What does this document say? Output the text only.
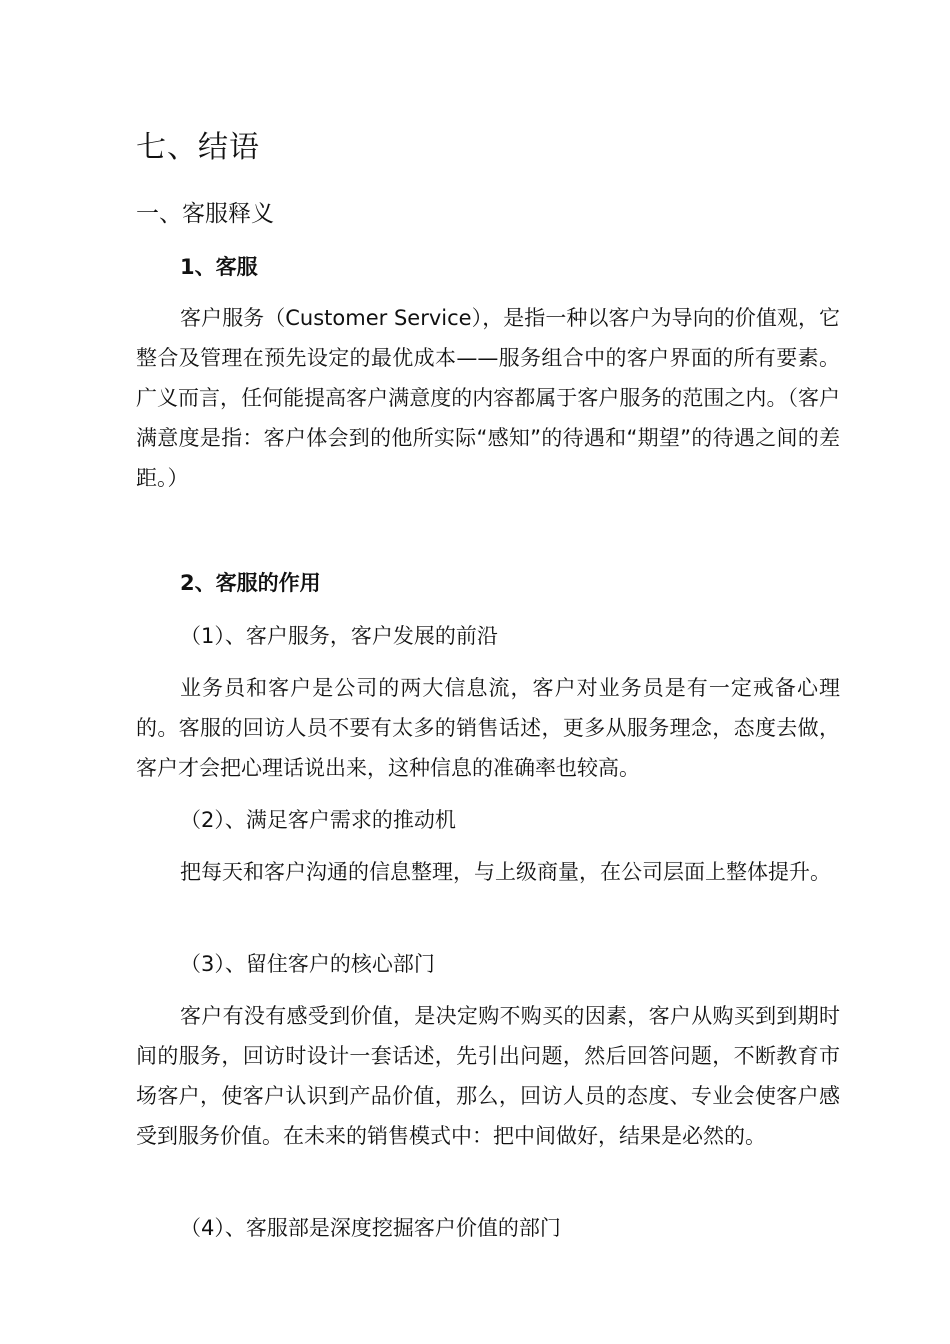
七、结语
一、客服释义
1、客服

客户服务（Customer Service），是指一种以客户为导向的价值观，它整合及管理在预先设定的最优成本——服务组合中的客户界面的所有要素。广义而言，任何能提高客户满意度的内容都属于客户服务的范围之内。（客户满意度是指：客户体会到的他所实际“感知”的待遇和“期望”的待遇之间的差距。）

2、客服的作用

（1）、客户服务，客户发展的前沿

业务员和客户是公司的两大信息流，客户对业务员是有一定戒备心理的。客服的回访人员不要有太多的销售话述，更多从服务理念，态度去做，客户才会把心理话说出来，这种信息的准确率也较高。

（2）、满足客户需求的推动机

把每天和客户沟通的信息整理，与上级商量，在公司层面上整体提升。

（3）、留住客户的核心部门

客户有没有感受到价值，是决定购不购买的因素，客户从购买到到期时间的服务，回访时设计一套话述，先引出问题，然后回答问题，不断教育市场客户，使客户认识到产品价值，那么，回访人员的态度、专业会使客户感受到服务价值。在未来的销售模式中：把中间做好，结果是必然的。

（4）、客服部是深度挖掘客户价值的部门
